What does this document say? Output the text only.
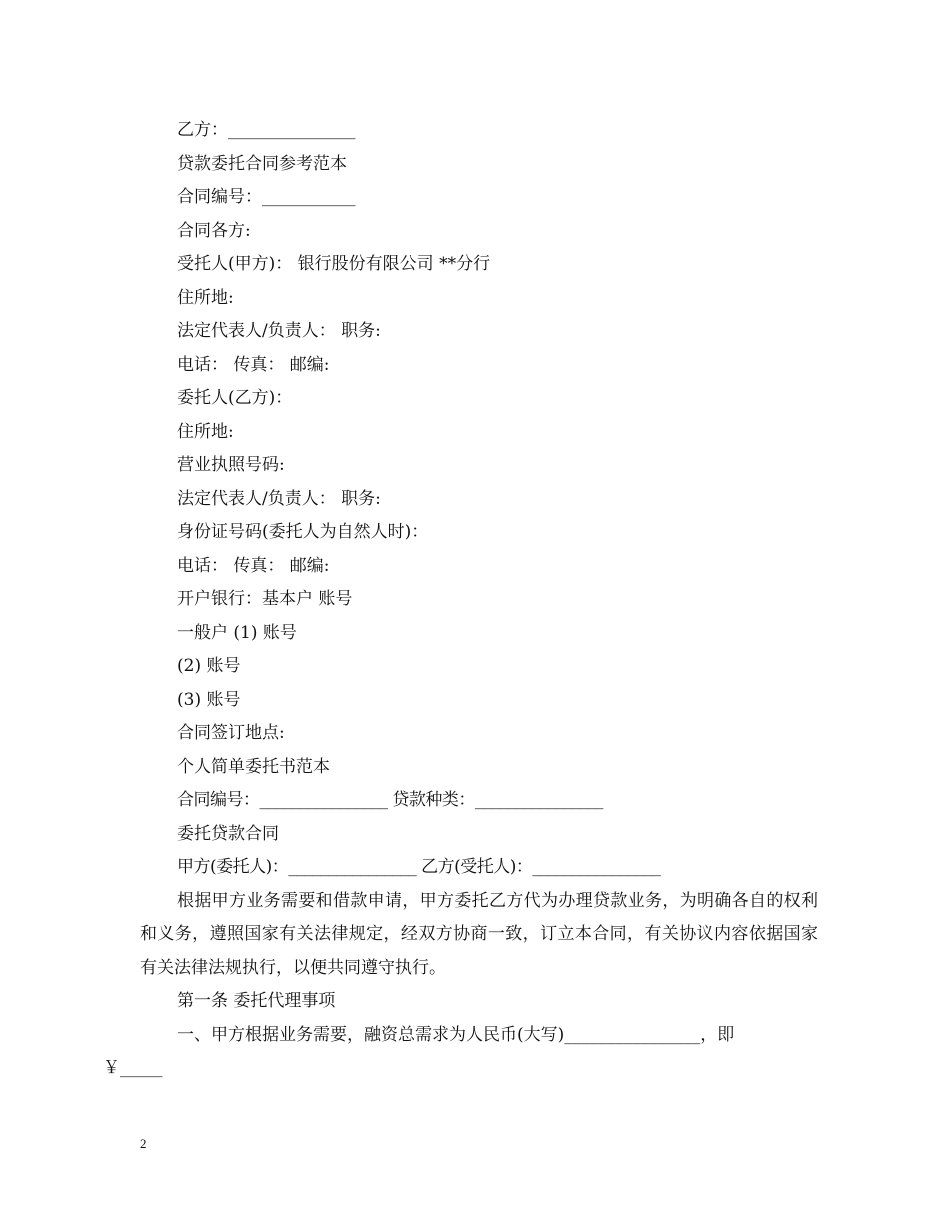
乙方：_______________
贷款委托合同参考范本
合同编号：___________
合同各方:
受托人(甲方)： 银行股份有限公司 **分行
住所地:
法定代表人/负责人： 职务:
电话： 传真： 邮编:
委托人(乙方)：
住所地:
营业执照号码:
法定代表人/负责人： 职务:
身份证号码(委托人为自然人时)：
电话： 传真： 邮编:
开户银行：基本户 账号
一般户 (1) 账号
(2) 账号
(3) 账号
合同签订地点:
个人简单委托书范本
合同编号：________________ 贷款种类：________________
委托贷款合同
甲方(委托人)：________________ 乙方(受托人)：________________
根据甲方业务需要和借款申请，甲方委托乙方代为办理贷款业务，为明确各自的权利和义务，遵照国家有关法律规定，经双方协商一致，订立本合同，有关协议内容依据国家有关法律法规执行，以便共同遵守执行。
第一条 委托代理事项
一、甲方根据业务需要，融资总需求为人民币(大写)________________，即
￥_____
2
